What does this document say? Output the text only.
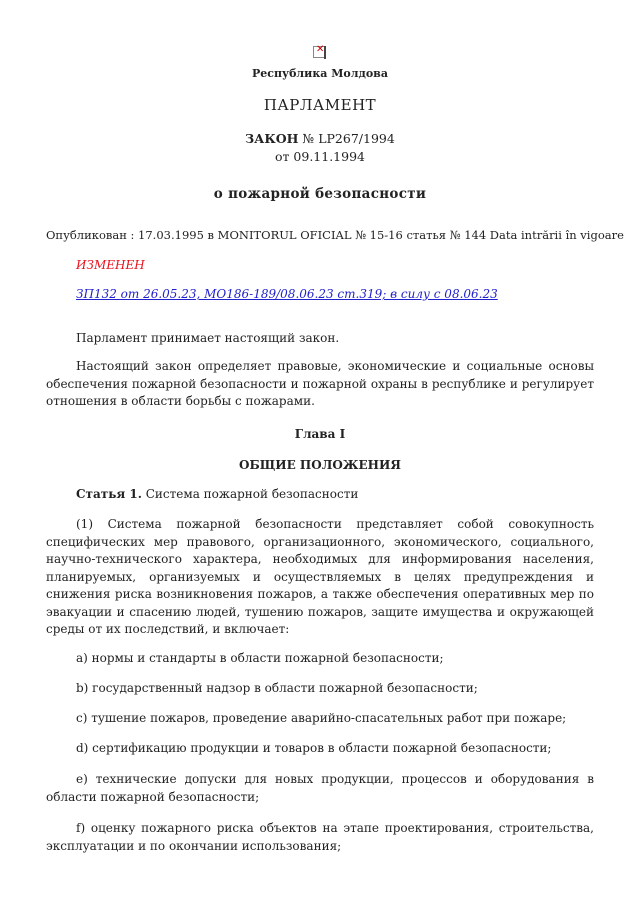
✕
Республика Молдова
ПАРЛАМЕНТ
ЗАКОН № LP267/1994
от 09.11.1994
о пожарной безопасности
Опубликован : 17.03.1995 в MONITORUL OFICIAL № 15-16 статья № 144 Data intrării în vigoare
ИЗМЕНЕН
ЗП132 от 26.05.23, МО186-189/08.06.23 ст.319; в силу с 08.06.23
Парламент принимает настоящий закон.
Настоящий закон определяет правовые, экономические и социальные основы обеспечения пожарной безопасности и пожарной охраны в республике и регулирует отношения в области борьбы с пожарами.
Глава I
ОБЩИЕ ПОЛОЖЕНИЯ
Статья 1. Система пожарной безопасности
(1) Система пожарной безопасности представляет собой совокупность специфических мер правового, организационного, экономического, социального, научно-технического характера, необходимых для информирования населения, планируемых, организуемых и осуществляемых в целях предупреждения и снижения риска возникновения пожаров, а также обеспечения оперативных мер по эвакуации и спасению людей, тушению пожаров, защите имущества и окружающей среды от их последствий, и включает:
a) нормы и стандарты в области пожарной безопасности;
b) государственный надзор в области пожарной безопасности;
c) тушение пожаров, проведение аварийно-спасательных работ при пожаре;
d) сертификацию продукции и товаров в области пожарной безопасности;
e) технические допуски для новых продукции, процессов и оборудования в области пожарной безопасности;
f) оценку пожарного риска объектов на этапе проектирования, строительства, эксплуатации и по окончании использования;
